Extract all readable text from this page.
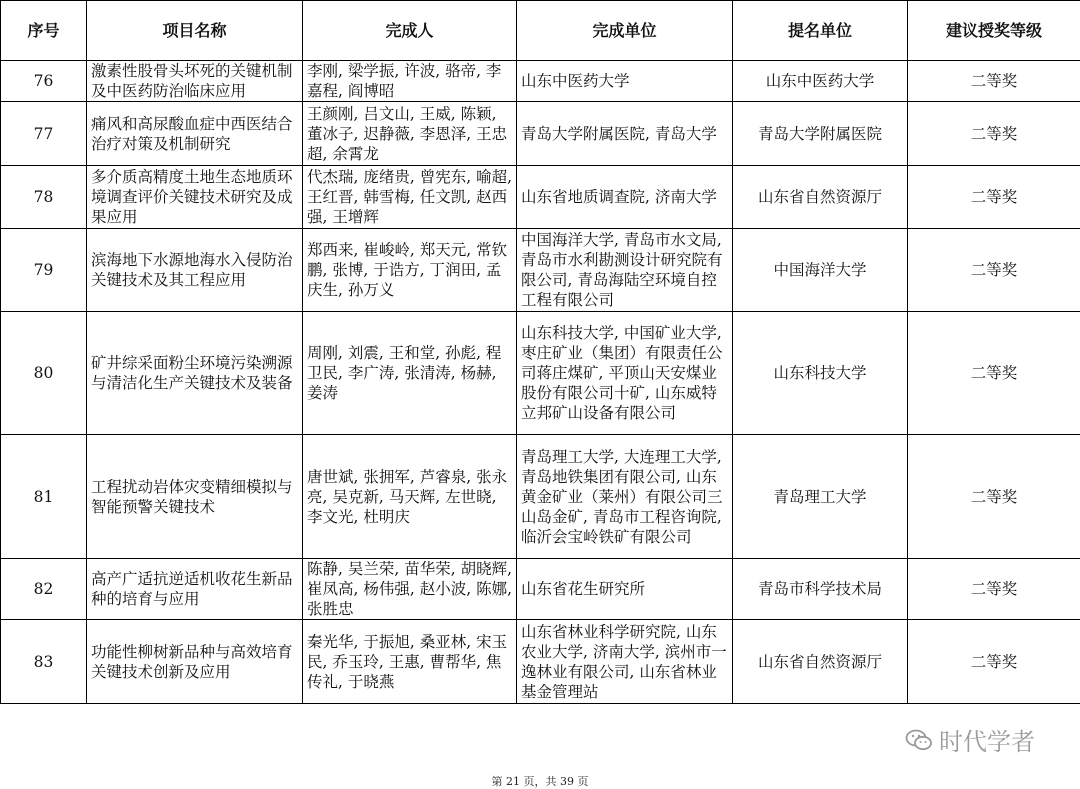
序号	项目名称	完成人	完成单位	提名单位	建议授奖等级
76	激素性股骨头坏死的关键机制及中医药防治临床应用	李刚, 梁学振, 许波, 骆帝, 李嘉程, 阎博昭	山东中医药大学	山东中医药大学	二等奖
77	痛风和高尿酸血症中西医结合治疗对策及机制研究	王颜刚, 吕文山, 王威, 陈颖, 董冰子, 迟静薇, 李恩泽, 王忠超, 余霄龙	青岛大学附属医院, 青岛大学	青岛大学附属医院	二等奖
78	多介质高精度土地生态地质环境调查评价关键技术研究及成果应用	代杰瑞, 庞绪贵, 曾宪东, 喻超, 王红晋, 韩雪梅, 任文凯, 赵西强, 王增辉	山东省地质调查院, 济南大学	山东省自然资源厅	二等奖
79	滨海地下水源地海水入侵防治关键技术及其工程应用	郑西来, 崔峻岭, 郑天元, 常钦鹏, 张博, 于诰方, 丁润田, 孟庆生, 孙万义	中国海洋大学, 青岛市水文局, 青岛市水利勘测设计研究院有限公司, 青岛海陆空环境自控工程有限公司	中国海洋大学	二等奖
80	矿井综采面粉尘环境污染溯源与清洁化生产关键技术及装备	周刚, 刘震, 王和堂, 孙彪, 程卫民, 李广涛, 张清涛, 杨赫, 姜涛	山东科技大学, 中国矿业大学, 枣庄矿业（集团）有限责任公司蒋庄煤矿, 平顶山天安煤业股份有限公司十矿, 山东威特立邦矿山设备有限公司	山东科技大学	二等奖
81	工程扰动岩体灾变精细模拟与智能预警关键技术	唐世斌, 张拥军, 芦睿泉, 张永亮, 吴克新, 马天辉, 左世晓, 李文光, 杜明庆	青岛理工大学, 大连理工大学, 青岛地铁集团有限公司, 山东黄金矿业（莱州）有限公司三山岛金矿, 青岛市工程咨询院, 临沂会宝岭铁矿有限公司	青岛理工大学	二等奖
82	高产广适抗逆适机收花生新品种的培育与应用	陈静, 吴兰荣, 苗华荣, 胡晓辉, 崔凤高, 杨伟强, 赵小波, 陈娜, 张胜忠	山东省花生研究所	青岛市科学技术局	二等奖
83	功能性柳树新品种与高效培育关键技术创新及应用	秦光华, 于振旭, 桑亚林, 宋玉民, 乔玉玲, 王惠, 曹帮华, 焦传礼, 于晓燕	山东省林业科学研究院, 山东农业大学, 济南大学, 滨州市一逸林业有限公司, 山东省林业基金管理站	山东省自然资源厅	二等奖
时代学者
第 21 页，共 39 页
